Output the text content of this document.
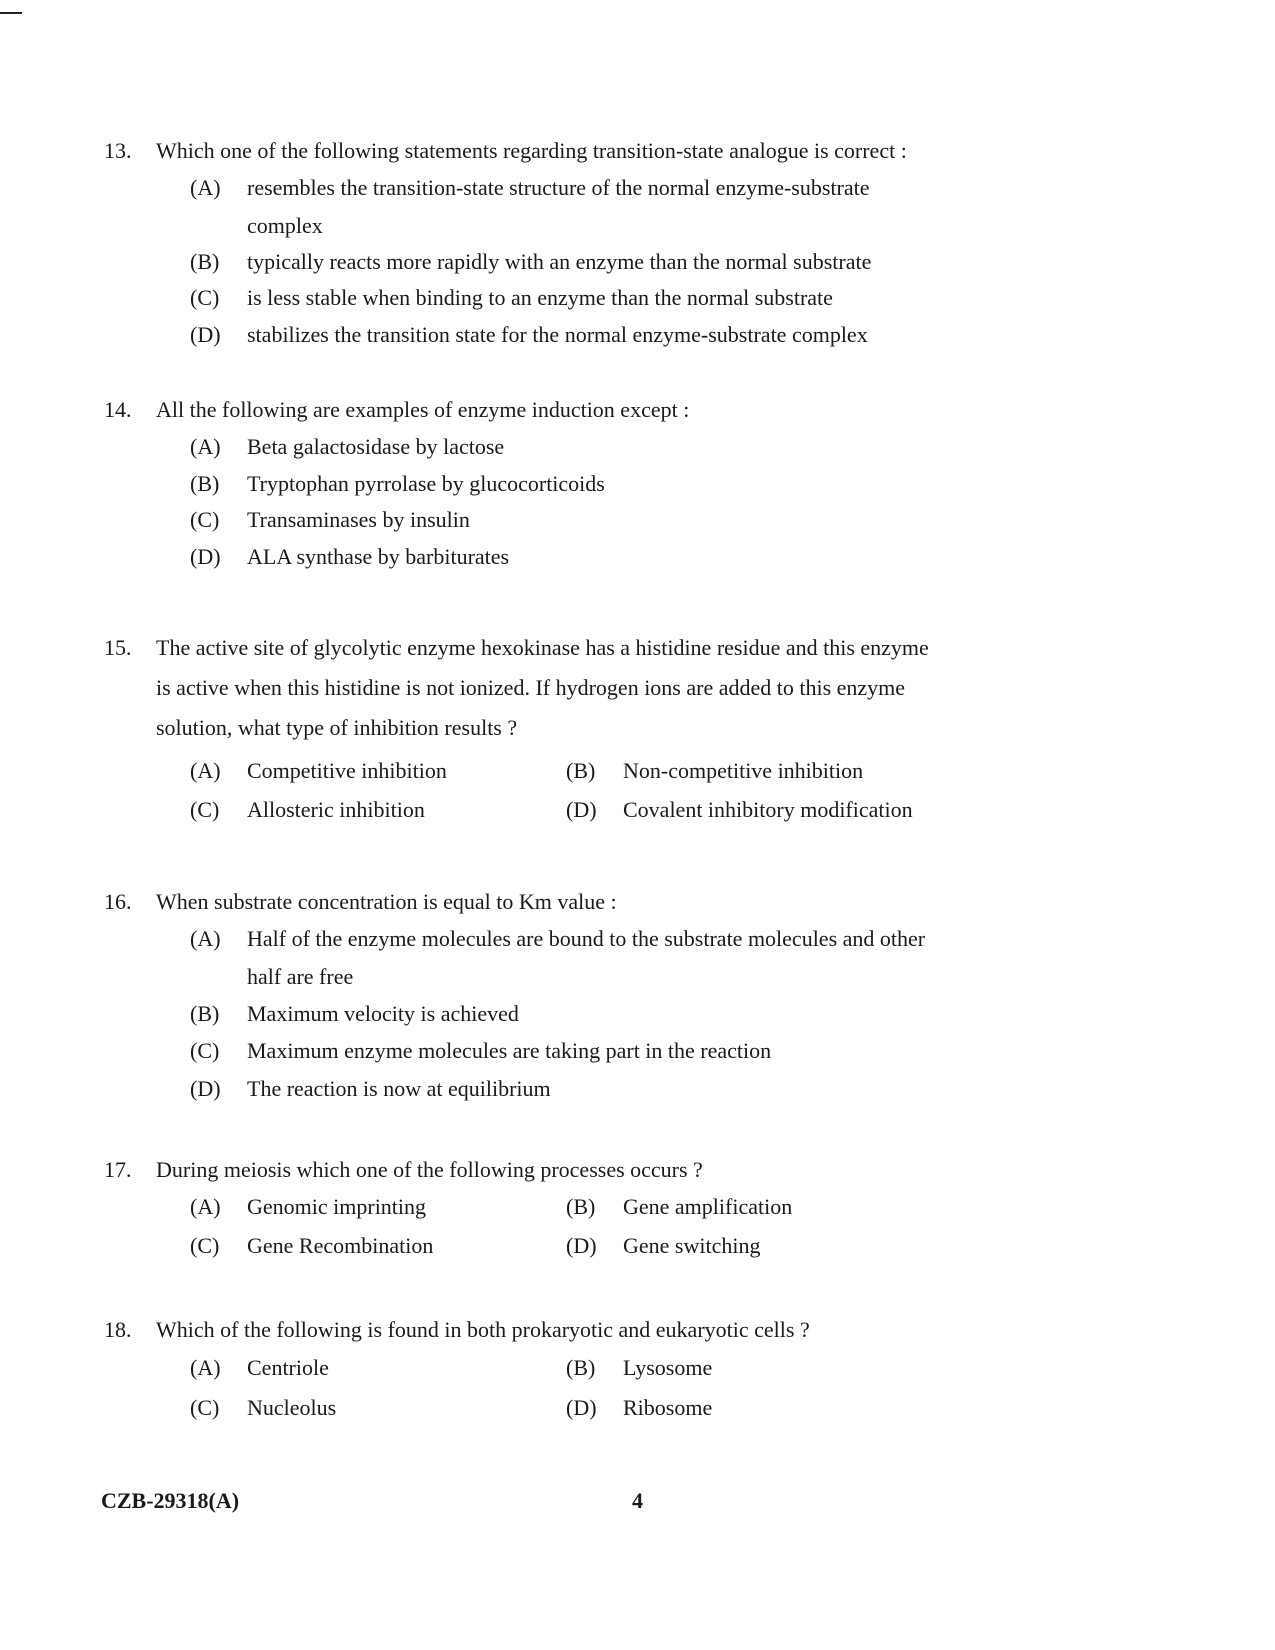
13. Which one of the following statements regarding transition-state analogue is correct :
(A) resembles the transition-state structure of the normal enzyme-substrate complex
(B) typically reacts more rapidly with an enzyme than the normal substrate
(C) is less stable when binding to an enzyme than the normal substrate
(D) stabilizes the transition state for the normal enzyme-substrate complex
14. All the following are examples of enzyme induction except :
(A) Beta galactosidase by lactose
(B) Tryptophan pyrrolase by glucocorticoids
(C) Transaminases by insulin
(D) ALA synthase by barbiturates
15. The active site of glycolytic enzyme hexokinase has a histidine residue and this enzyme is active when this histidine is not ionized. If hydrogen ions are added to this enzyme solution, what type of inhibition results ?
(A) Competitive inhibition	(B) Non-competitive inhibition
(C) Allosteric inhibition	(D) Covalent inhibitory modification
16. When substrate concentration is equal to Km value :
(A) Half of the enzyme molecules are bound to the substrate molecules and other half are free
(B) Maximum velocity is achieved
(C) Maximum enzyme molecules are taking part in the reaction
(D) The reaction is now at equilibrium
17. During meiosis which one of the following processes occurs ?
(A) Genomic imprinting	(B) Gene amplification
(C) Gene Recombination	(D) Gene switching
18. Which of the following is found in both prokaryotic and eukaryotic cells ?
(A) Centriole	(B) Lysosome
(C) Nucleolus	(D) Ribosome
CZB-29318(A)	4
